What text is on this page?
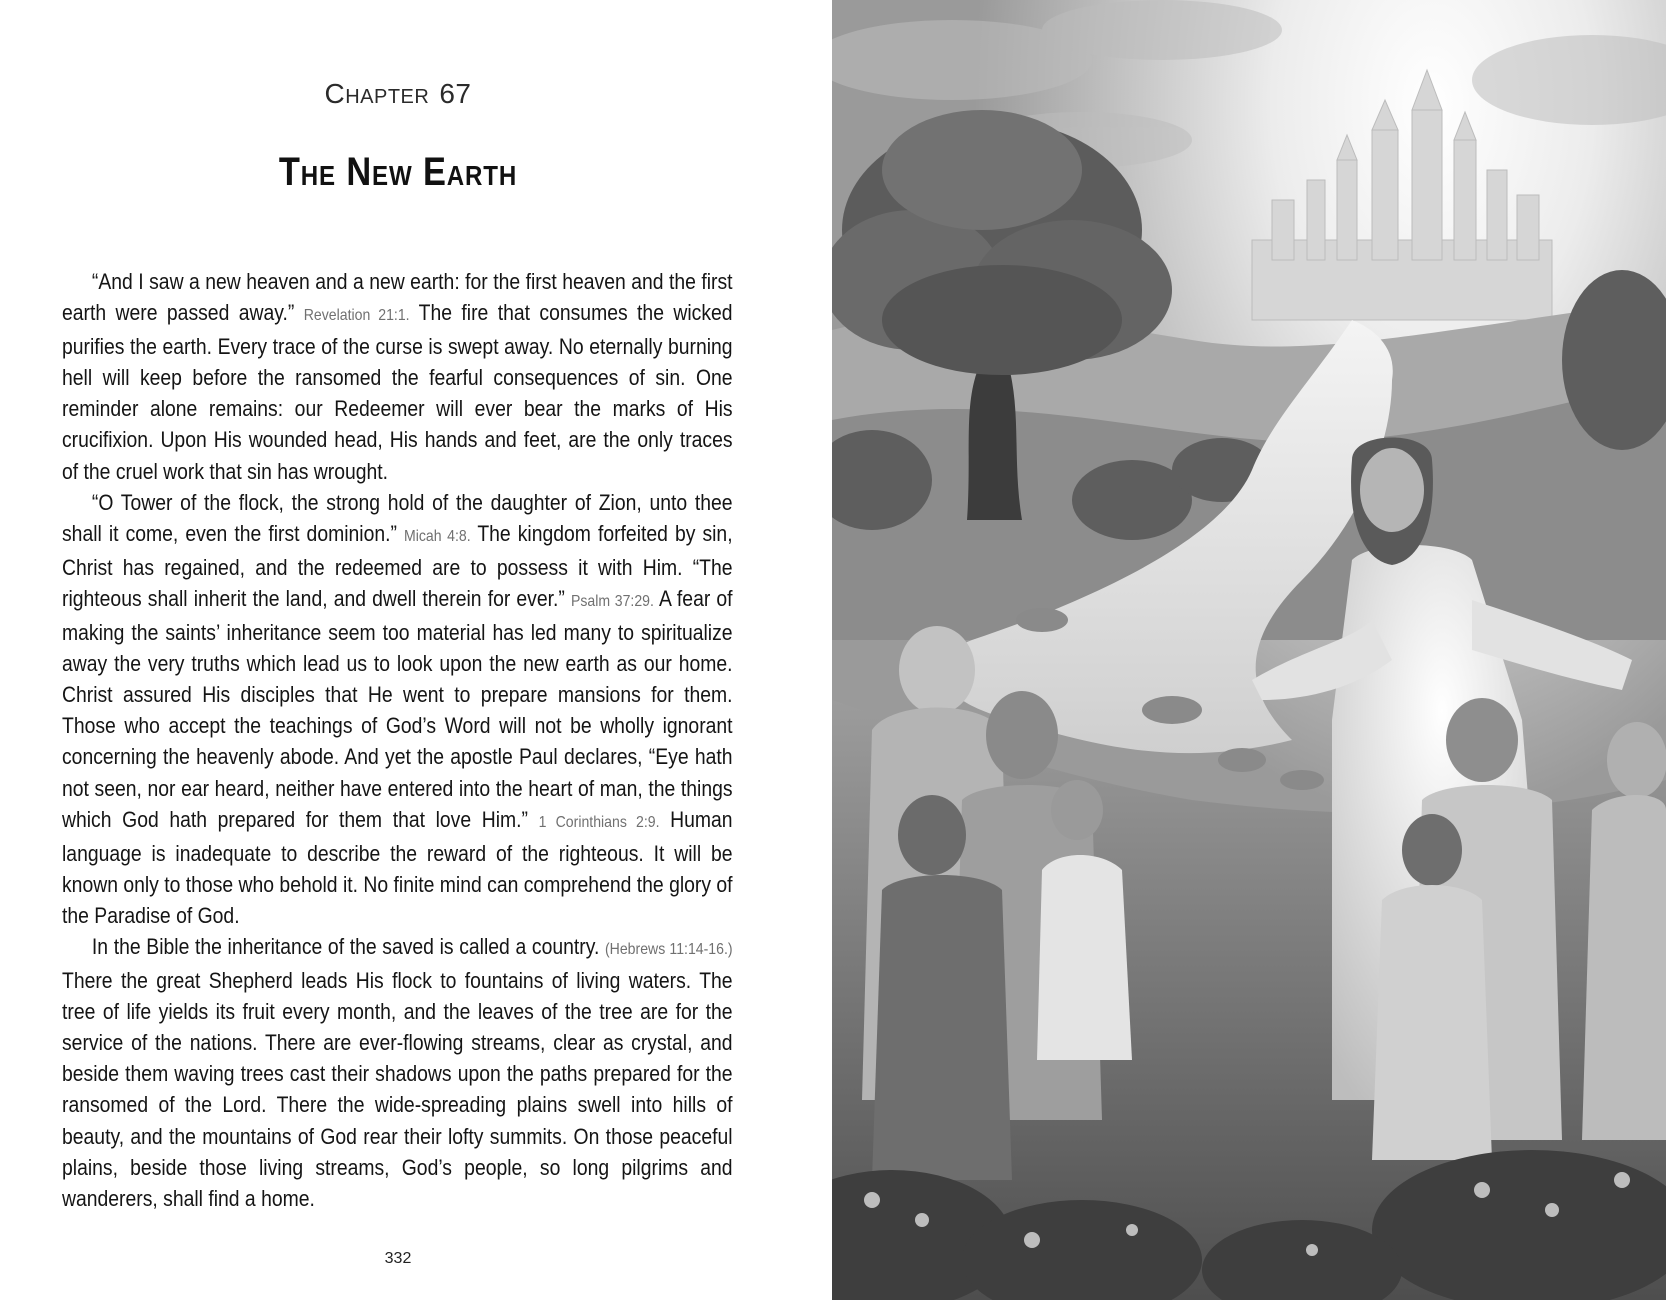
Chapter 67
The New Earth

“And I saw a new heaven and a new earth: for the first heaven and the first earth were passed away.” Revelation 21:1. The fire that consumes the wicked purifies the earth. Every trace of the curse is swept away. No eternally burning hell will keep before the ransomed the fearful consequences of sin. One reminder alone remains: our Redeemer will ever bear the marks of His crucifixion. Upon His wounded head, His hands and feet, are the only traces of the cruel work that sin has wrought.

“O Tower of the flock, the strong hold of the daughter of Zion, unto thee shall it come, even the first dominion.” Micah 4:8. The kingdom forfeited by sin, Christ has regained, and the redeemed are to possess it with Him. “The righteous shall inherit the land, and dwell therein for ever.” Psalm 37:29. A fear of making the saints’ inheritance seem too material has led many to spiritualize away the very truths which lead us to look upon the new earth as our home. Christ assured His disciples that He went to prepare mansions for them. Those who accept the teachings of God’s Word will not be wholly ignorant concerning the heavenly abode. And yet the apostle Paul declares, “Eye hath not seen, nor ear heard, neither have entered into the heart of man, the things which God hath prepared for them that love Him.” 1 Corinthians 2:9. Human language is inadequate to describe the reward of the righteous. It will be known only to those who behold it. No finite mind can comprehend the glory of the Paradise of God.

In the Bible the inheritance of the saved is called a country. (Hebrews 11:14-16.) There the great Shepherd leads His flock to fountains of living waters. The tree of life yields its fruit every month, and the leaves of the tree are for the service of the nations. There are ever-flowing streams, clear as crystal, and beside them waving trees cast their shadows upon the paths prepared for the ransomed of the Lord. There the wide-spreading plains swell into hills of beauty, and the mountains of God rear their lofty summits. On those peaceful plains, beside those living streams, God’s people, so long pilgrims and wanderers, shall find a home.

332
